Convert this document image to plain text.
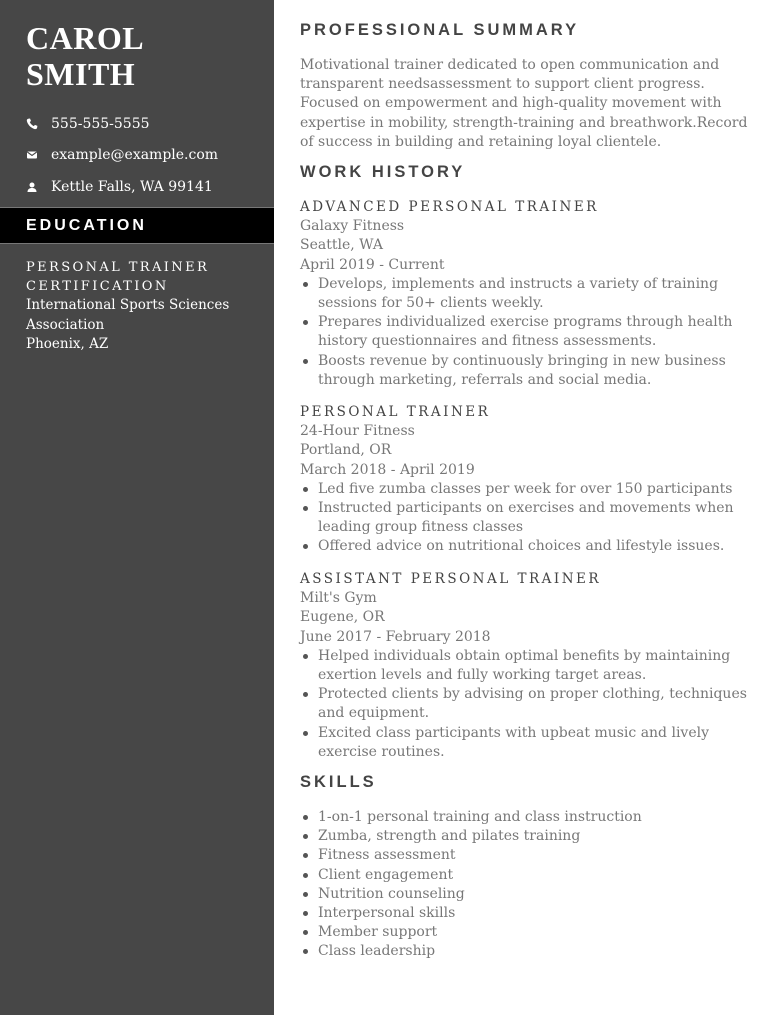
CAROL
SMITH
555-555-5555
example@example.com
Kettle Falls, WA 99141
EDUCATION
PERSONAL TRAINER
CERTIFICATION
International Sports Sciences
Association
Phoenix, AZ
PROFESSIONAL SUMMARY

Motivational trainer dedicated to open communication and transparent needsassessment to support client progress. Focused on empowerment and high-quality movement with expertise in mobility, strength-training and breathwork.Record of success in building and retaining loyal clientele.

WORK HISTORY
ADVANCED PERSONAL TRAINER
Galaxy Fitness
Seattle, WA
April 2019 - Current
Develops, implements and instructs a variety of training sessions for 50+ clients weekly.
Prepares individualized exercise programs through health history questionnaires and fitness assessments.
Boosts revenue by continuously bringing in new business through marketing, referrals and social media.
PERSONAL TRAINER
24-Hour Fitness
Portland, OR
March 2018 - April 2019
Led five zumba classes per week for over 150 participants
Instructed participants on exercises and movements when leading group fitness classes
Offered advice on nutritional choices and lifestyle issues.
ASSISTANT PERSONAL TRAINER
Milt's Gym
Eugene, OR
June 2017 - February 2018
Helped individuals obtain optimal benefits by maintaining exertion levels and fully working target areas.
Protected clients by advising on proper clothing, techniques and equipment.
Excited class participants with upbeat music and lively exercise routines.
SKILLS
1-on-1 personal training and class instruction
Zumba, strength and pilates training
Fitness assessment
Client engagement
Nutrition counseling
Interpersonal skills
Member support
Class leadership
